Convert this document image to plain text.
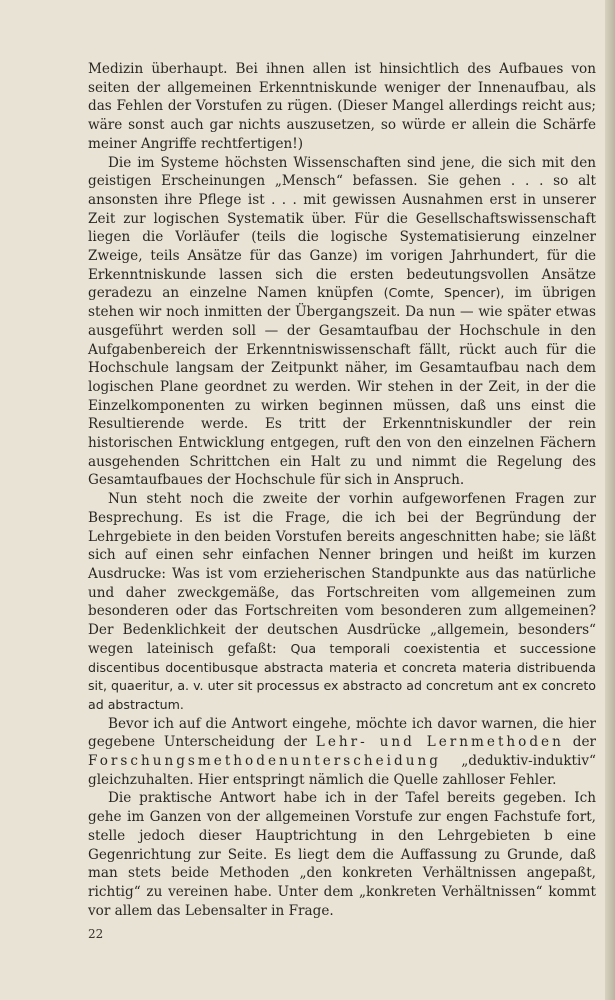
Medizin überhaupt. Bei ihnen allen ist hinsichtlich des Aufbaues von seiten der allgemeinen Erkenntniskunde weniger der Innenaufbau, als das Fehlen der Vorstufen zu rügen. (Dieser Mangel allerdings reicht aus; wäre sonst auch gar nichts auszusetzen, so würde er allein die Schärfe meiner Angriffe rechtfertigen!)

Die im Systeme höchsten Wissenschaften sind jene, die sich mit den geistigen Erscheinungen „Mensch“ befassen. Sie gehen . . . so alt ansonsten ihre Pflege ist . . . mit gewissen Ausnahmen erst in unserer Zeit zur logischen Systematik über. Für die Gesellschaftswissenschaft liegen die Vorläufer (teils die logische Systematisierung einzelner Zweige, teils Ansätze für das Ganze) im vorigen Jahrhundert, für die Erkenntniskunde lassen sich die ersten bedeutungsvollen Ansätze geradezu an einzelne Namen knüpfen (Comte, Spencer), im übrigen stehen wir noch inmitten der Übergangszeit. Da nun — wie später etwas ausgeführt werden soll — der Gesamtaufbau der Hochschule in den Aufgabenbereich der Erkenntniswissenschaft fällt, rückt auch für die Hochschule langsam der Zeitpunkt näher, im Gesamtaufbau nach dem logischen Plane geordnet zu werden. Wir stehen in der Zeit, in der die Einzelkomponenten zu wirken beginnen müssen, daß uns einst die Resultierende werde. Es tritt der Erkenntniskundler der rein historischen Entwicklung entgegen, ruft den von den einzelnen Fächern ausgehenden Schrittchen ein Halt zu und nimmt die Regelung des Gesamtaufbaues der Hochschule für sich in Anspruch.

Nun steht noch die zweite der vorhin aufgeworfenen Fragen zur Besprechung. Es ist die Frage, die ich bei der Begründung der Lehrgebiete in den beiden Vorstufen bereits angeschnitten habe; sie läßt sich auf einen sehr einfachen Nenner bringen und heißt im kurzen Ausdrucke: Was ist vom erzieherischen Standpunkte aus das natürliche und daher zweckgemäße, das Fortschreiten vom allgemeinen zum besonderen oder das Fortschreiten vom besonderen zum allgemeinen? Der Bedenklichkeit der deutschen Ausdrücke „allgemein, besonders“ wegen lateinisch gefaßt: Qua temporali coexistentia et successione discentibus docentibusque abstracta materia et concreta materia distribuenda sit, quaeritur, a. v. uter sit processus ex abstracto ad concretum ant ex concreto ad abstractum.

Bevor ich auf die Antwort eingehe, möchte ich davor warnen, die hier gegebene Unterscheidung der Lehr- und Lernmethoden der Forschungsmethodenunterscheidung „deduktiv-induktiv“ gleichzuhalten. Hier entspringt nämlich die Quelle zahlloser Fehler.

Die praktische Antwort habe ich in der Tafel bereits gegeben. Ich gehe im Ganzen von der allgemeinen Vorstufe zur engen Fachstufe fort, stelle jedoch dieser Hauptrichtung in den Lehrgebieten b eine Gegenrichtung zur Seite. Es liegt dem die Auffassung zu Grunde, daß man stets beide Methoden „den konkreten Verhältnissen angepaßt, richtig“ zu vereinen habe. Unter dem „konkreten Verhältnissen“ kommt vor allem das Lebensalter in Frage.

22
